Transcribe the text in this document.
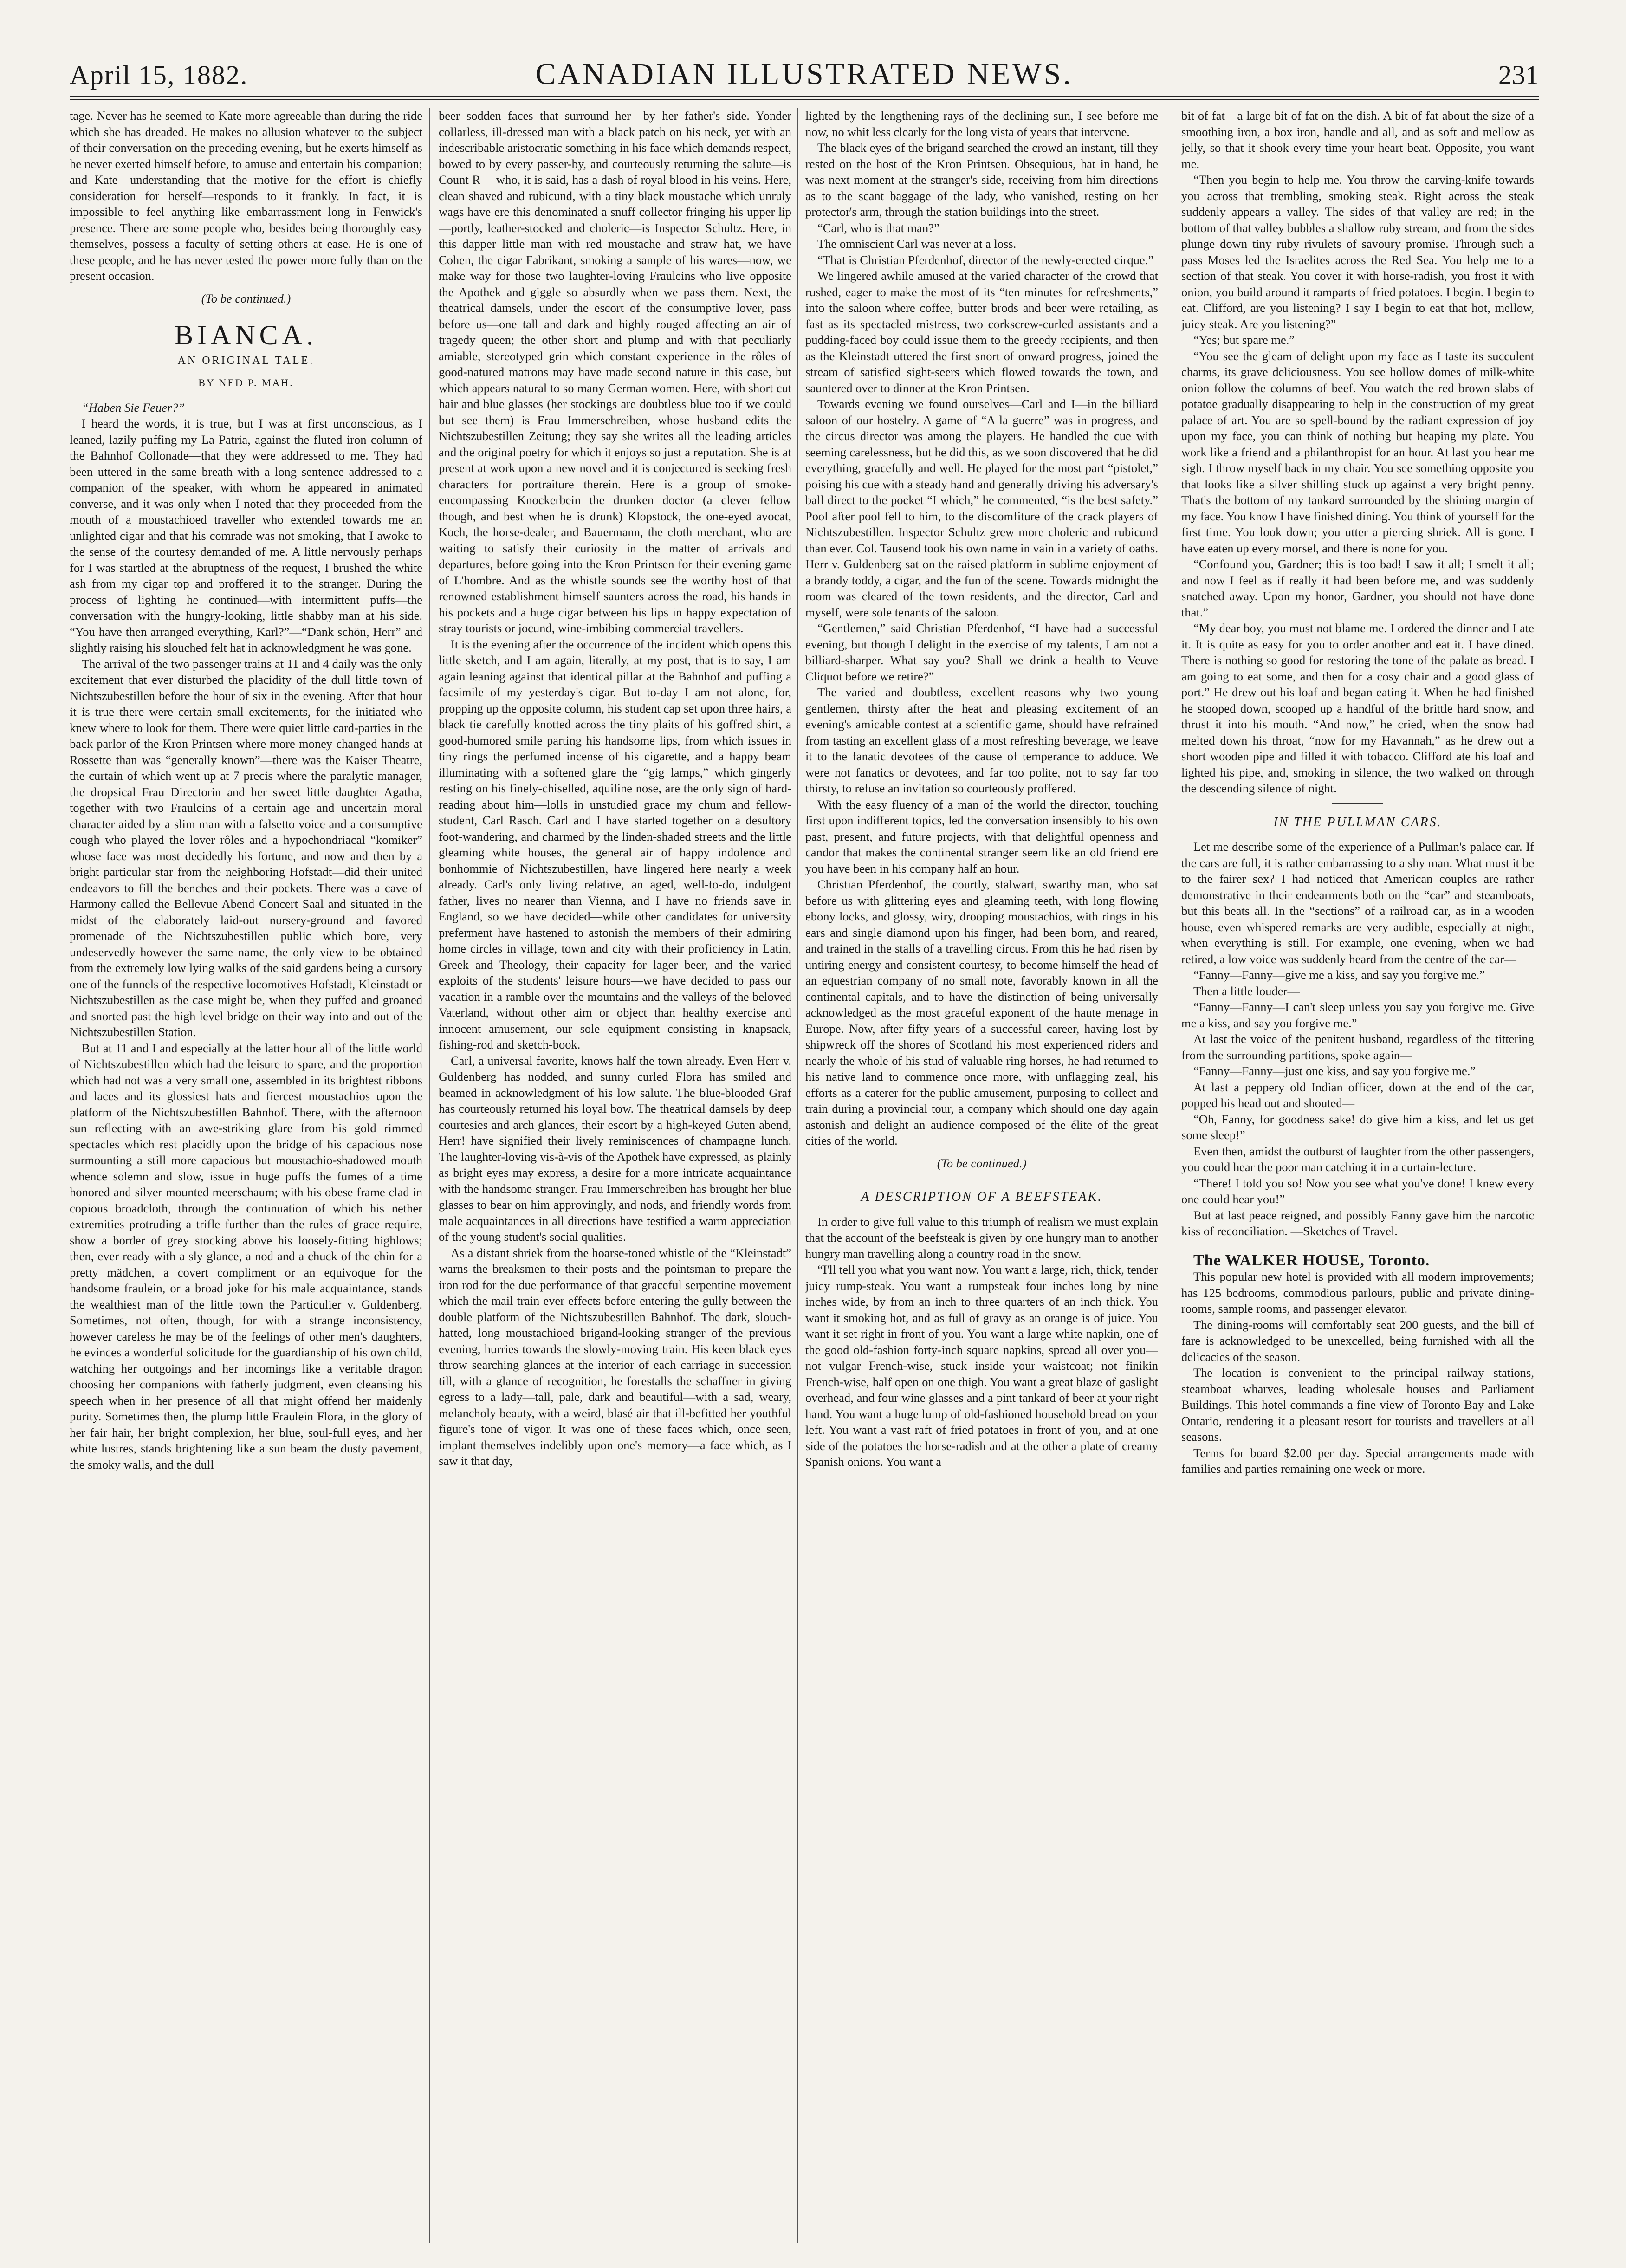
April 15, 1882.	CANADIAN ILLUSTRATED NEWS.	231

tage. Never has he seemed to Kate more agreeable than during the ride which she has dreaded. He makes no allusion whatever to the subject of their conversation on the preceding evening, but he exerts himself as he never exerted himself before, to amuse and entertain his companion; and Kate—understanding that the motive for the effort is chiefly consideration for herself—responds to it frankly. In fact, it is impossible to feel anything like embarrassment long in Fenwick's presence. There are some people who, besides being thoroughly easy themselves, possess a faculty of setting others at ease. He is one of these people, and he has never tested the power more fully than on the present occasion.

(To be continued.)
BIANCA.
AN ORIGINAL TALE.
BY NED P. MAH.

“Haben Sie Feuer?”

I heard the words, it is true, but I was at first unconscious, as I leaned, lazily puffing my La Patria, against the fluted iron column of the Bahnhof Collonade—that they were addressed to me. They had been uttered in the same breath with a long sentence addressed to a companion of the speaker, with whom he appeared in animated converse, and it was only when I noted that they proceeded from the mouth of a moustachioed traveller who extended towards me an unlighted cigar and that his comrade was not smoking, that I awoke to the sense of the courtesy demanded of me. A little nervously perhaps for I was startled at the abruptness of the request, I brushed the white ash from my cigar top and proffered it to the stranger. During the process of lighting he continued—with intermittent puffs—the conversation with the hungry-looking, little shabby man at his side. “You have then arranged everything, Karl?”—“Dank schön, Herr” and slightly raising his slouched felt hat in acknowledgment he was gone.

The arrival of the two passenger trains at 11 and 4 daily was the only excitement that ever disturbed the placidity of the dull little town of Nichtszubestillen before the hour of six in the evening. After that hour it is true there were certain small excitements, for the initiated who knew where to look for them. There were quiet little card-parties in the back parlor of the Kron Printsen where more money changed hands at Rossette than was “generally known”—there was the Kaiser Theatre, the curtain of which went up at 7 precis where the paralytic manager, the dropsical Frau Directorin and her sweet little daughter Agatha, together with two Frauleins of a certain age and uncertain moral character aided by a slim man with a falsetto voice and a consumptive cough who played the lover rôles and a hypochondriacal “komiker” whose face was most decidedly his fortune, and now and then by a bright particular star from the neighboring Hofstadt—did their united endeavors to fill the benches and their pockets. There was a cave of Harmony called the Bellevue Abend Concert Saal and situated in the midst of the elaborately laid-out nursery-ground and favored promenade of the Nichtszubestillen public which bore, very undeservedly however the same name, the only view to be obtained from the extremely low lying walks of the said gardens being a cursory one of the funnels of the respective locomotives Hofstadt, Kleinstadt or Nichtszubestillen as the case might be, when they puffed and groaned and snorted past the high level bridge on their way into and out of the Nichtszubestillen Station.

But at 11 and I and especially at the latter hour all of the little world of Nichtszubestillen which had the leisure to spare, and the proportion which had not was a very small one, assembled in its brightest ribbons and laces and its glossiest hats and fiercest moustachios upon the platform of the Nichtszubestillen Bahnhof. There, with the afternoon sun reflecting with an awe-striking glare from his gold rimmed spectacles which rest placidly upon the bridge of his capacious nose surmounting a still more capacious but moustachio-shadowed mouth whence solemn and slow, issue in huge puffs the fumes of a time honored and silver mounted meerschaum; with his obese frame clad in copious broadcloth, through the continuation of which his nether extremities protruding a trifle further than the rules of grace require, show a border of grey stocking above his loosely-fitting highlows; then, ever ready with a sly glance, a nod and a chuck of the chin for a pretty mädchen, a covert compliment or an equivoque for the handsome fraulein, or a broad joke for his male acquaintance, stands the wealthiest man of the little town the Particulier v. Guldenberg. Sometimes, not often, though, for with a strange inconsistency, however careless he may be of the feelings of other men's daughters, he evinces a wonderful solicitude for the guardianship of his own child, watching her outgoings and her incomings like a veritable dragon choosing her companions with fatherly judgment, even cleansing his speech when in her presence of all that might offend her maidenly purity. Sometimes then, the plump little Fraulein Flora, in the glory of her fair hair, her bright complexion, her blue, soul-full eyes, and her white lustres, stands brightening like a sun beam the dusty pavement, the smoky walls, and the dull

beer sodden faces that surround her—by her father's side. Yonder collarless, ill-dressed man with a black patch on his neck, yet with an indescribable aristocratic something in his face which demands respect, bowed to by every passer-by, and courteously returning the salute—is Count R— who, it is said, has a dash of royal blood in his veins. Here, clean shaved and rubicund, with a tiny black moustache which unruly wags have ere this denominated a snuff collector fringing his upper lip—portly, leather-stocked and choleric—is Inspector Schultz. Here, in this dapper little man with red moustache and straw hat, we have Cohen, the cigar Fabrikant, smoking a sample of his wares—now, we make way for those two laughter-loving Frauleins who live opposite the Apothek and giggle so absurdly when we pass them. Next, the theatrical damsels, under the escort of the consumptive lover, pass before us—one tall and dark and highly rouged affecting an air of tragedy queen; the other short and plump and with that peculiarly amiable, stereotyped grin which constant experience in the rôles of good-natured matrons may have made second nature in this case, but which appears natural to so many German women. Here, with short cut hair and blue glasses (her stockings are doubtless blue too if we could but see them) is Frau Immerschreiben, whose husband edits the Nichtszubestillen Zeitung; they say she writes all the leading articles and the original poetry for which it enjoys so just a reputation. She is at present at work upon a new novel and it is conjectured is seeking fresh characters for portraiture therein. Here is a group of smoke-encompassing Knockerbein the drunken doctor (a clever fellow though, and best when he is drunk) Klopstock, the one-eyed avocat, Koch, the horse-dealer, and Bauermann, the cloth merchant, who are waiting to satisfy their curiosity in the matter of arrivals and departures, before going into the Kron Printsen for their evening game of L'hombre. And as the whistle sounds see the worthy host of that renowned establishment himself saunters across the road, his hands in his pockets and a huge cigar between his lips in happy expectation of stray tourists or jocund, wine-imbibing commercial travellers.

It is the evening after the occurrence of the incident which opens this little sketch, and I am again, literally, at my post, that is to say, I am again leaning against that identical pillar at the Bahnhof and puffing a facsimile of my yesterday's cigar. But to-day I am not alone, for, propping up the opposite column, his student cap set upon three hairs, a black tie carefully knotted across the tiny plaits of his goffred shirt, a good-humored smile parting his handsome lips, from which issues in tiny rings the perfumed incense of his cigarette, and a happy beam illuminating with a softened glare the “gig lamps,” which gingerly resting on his finely-chiselled, aquiline nose, are the only sign of hard-reading about him—lolls in unstudied grace my chum and fellow-student, Carl Rasch. Carl and I have started together on a desultory foot-wandering, and charmed by the linden-shaded streets and the little gleaming white houses, the general air of happy indolence and bonhommie of Nichtszubestillen, have lingered here nearly a week already. Carl's only living relative, an aged, well-to-do, indulgent father, lives no nearer than Vienna, and I have no friends save in England, so we have decided—while other candidates for university preferment have hastened to astonish the members of their admiring home circles in village, town and city with their proficiency in Latin, Greek and Theology, their capacity for lager beer, and the varied exploits of the students' leisure hours—we have decided to pass our vacation in a ramble over the mountains and the valleys of the beloved Vaterland, without other aim or object than healthy exercise and innocent amusement, our sole equipment consisting in knapsack, fishing-rod and sketch-book.

Carl, a universal favorite, knows half the town already. Even Herr v. Guldenberg has nodded, and sunny curled Flora has smiled and beamed in acknowledgment of his low salute. The blue-blooded Graf has courteously returned his loyal bow. The theatrical damsels by deep courtesies and arch glances, their escort by a high-keyed Guten abend, Herr! have signified their lively reminiscences of champagne lunch. The laughter-loving vis-à-vis of the Apothek have expressed, as plainly as bright eyes may express, a desire for a more intricate acquaintance with the handsome stranger. Frau Immerschreiben has brought her blue glasses to bear on him approvingly, and nods, and friendly words from male acquaintances in all directions have testified a warm appreciation of the young student's social qualities.

As a distant shriek from the hoarse-toned whistle of the “Kleinstadt” warns the breaksmen to their posts and the pointsman to prepare the iron rod for the due performance of that graceful serpentine movement which the mail train ever effects before entering the gully between the double platform of the Nichtszubestillen Bahnhof. The dark, slouch-hatted, long moustachioed brigand-looking stranger of the previous evening, hurries towards the slowly-moving train. His keen black eyes throw searching glances at the interior of each carriage in succession till, with a glance of recognition, he forestalls the schaffner in giving egress to a lady—tall, pale, dark and beautiful—with a sad, weary, melancholy beauty, with a weird, blasé air that ill-befitted her youthful figure's tone of vigor. It was one of these faces which, once seen, implant themselves indelibly upon one's memory—a face which, as I saw it that day,

lighted by the lengthening rays of the declining sun, I see before me now, no whit less clearly for the long vista of years that intervene.

The black eyes of the brigand searched the crowd an instant, till they rested on the host of the Kron Printsen. Obsequious, hat in hand, he was next moment at the stranger's side, receiving from him directions as to the scant baggage of the lady, who vanished, resting on her protector's arm, through the station buildings into the street.

“Carl, who is that man?”

The omniscient Carl was never at a loss.

“That is Christian Pferdenhof, director of the newly-erected cirque.”

We lingered awhile amused at the varied character of the crowd that rushed, eager to make the most of its “ten minutes for refreshments,” into the saloon where coffee, butter brods and beer were retailing, as fast as its spectacled mistress, two corkscrew-curled assistants and a pudding-faced boy could issue them to the greedy recipients, and then as the Kleinstadt uttered the first snort of onward progress, joined the stream of satisfied sight-seers which flowed towards the town, and sauntered over to dinner at the Kron Printsen.

Towards evening we found ourselves—Carl and I—in the billiard saloon of our hostelry. A game of “A la guerre” was in progress, and the circus director was among the players. He handled the cue with seeming carelessness, but he did this, as we soon discovered that he did everything, gracefully and well. He played for the most part “pistolet,” poising his cue with a steady hand and generally driving his adversary's ball direct to the pocket “I which,” he commented, “is the best safety.” Pool after pool fell to him, to the discomfiture of the crack players of Nichtszubestillen. Inspector Schultz grew more choleric and rubicund than ever. Col. Tausend took his own name in vain in a variety of oaths. Herr v. Guldenberg sat on the raised platform in sublime enjoyment of a brandy toddy, a cigar, and the fun of the scene. Towards midnight the room was cleared of the town residents, and the director, Carl and myself, were sole tenants of the saloon.

“Gentlemen,” said Christian Pferdenhof, “I have had a successful evening, but though I delight in the exercise of my talents, I am not a billiard-sharper. What say you? Shall we drink a health to Veuve Cliquot before we retire?”

The varied and doubtless, excellent reasons why two young gentlemen, thirsty after the heat and pleasing excitement of an evening's amicable contest at a scientific game, should have refrained from tasting an excellent glass of a most refreshing beverage, we leave it to the fanatic devotees of the cause of temperance to adduce. We were not fanatics or devotees, and far too polite, not to say far too thirsty, to refuse an invitation so courteously proffered.

With the easy fluency of a man of the world the director, touching first upon indifferent topics, led the conversation insensibly to his own past, present, and future projects, with that delightful openness and candor that makes the continental stranger seem like an old friend ere you have been in his company half an hour.

Christian Pferdenhof, the courtly, stalwart, swarthy man, who sat before us with glittering eyes and gleaming teeth, with long flowing ebony locks, and glossy, wiry, drooping moustachios, with rings in his ears and single diamond upon his finger, had been born, and reared, and trained in the stalls of a travelling circus. From this he had risen by untiring energy and consistent courtesy, to become himself the head of an equestrian company of no small note, favorably known in all the continental capitals, and to have the distinction of being universally acknowledged as the most graceful exponent of the haute menage in Europe. Now, after fifty years of a successful career, having lost by shipwreck off the shores of Scotland his most experienced riders and nearly the whole of his stud of valuable ring horses, he had returned to his native land to commence once more, with unflagging zeal, his efforts as a caterer for the public amusement, purposing to collect and train during a provincial tour, a company which should one day again astonish and delight an audience composed of the élite of the great cities of the world.

(To be continued.)
A DESCRIPTION OF A BEEFSTEAK.

In order to give full value to this triumph of realism we must explain that the account of the beefsteak is given by one hungry man to another hungry man travelling along a country road in the snow.

“I'll tell you what you want now. You want a large, rich, thick, tender juicy rump-steak. You want a rumpsteak four inches long by nine inches wide, by from an inch to three quarters of an inch thick. You want it smoking hot, and as full of gravy as an orange is of juice. You want it set right in front of you. You want a large white napkin, one of the good old-fashion forty-inch square napkins, spread all over you—not vulgar French-wise, stuck inside your waistcoat; not finikin French-wise, half open on one thigh. You want a great blaze of gaslight overhead, and four wine glasses and a pint tankard of beer at your right hand. You want a huge lump of old-fashioned household bread on your left. You want a vast raft of fried potatoes in front of you, and at one side of the potatoes the horse-radish and at the other a plate of creamy Spanish onions. You want a

bit of fat—a large bit of fat on the dish. A bit of fat about the size of a smoothing iron, a box iron, handle and all, and as soft and mellow as jelly, so that it shook every time your heart beat. Opposite, you want me.

“Then you begin to help me. You throw the carving-knife towards you across that trembling, smoking steak. Right across the steak suddenly appears a valley. The sides of that valley are red; in the bottom of that valley bubbles a shallow ruby stream, and from the sides plunge down tiny ruby rivulets of savoury promise. Through such a pass Moses led the Israelites across the Red Sea. You help me to a section of that steak. You cover it with horse-radish, you frost it with onion, you build around it ramparts of fried potatoes. I begin. I begin to eat. Clifford, are you listening? I say I begin to eat that hot, mellow, juicy steak. Are you listening?”

“Yes; but spare me.”

“You see the gleam of delight upon my face as I taste its succulent charms, its grave deliciousness. You see hollow domes of milk-white onion follow the columns of beef. You watch the red brown slabs of potatoe gradually disappearing to help in the construction of my great palace of art. You are so spell-bound by the radiant expression of joy upon my face, you can think of nothing but heaping my plate. You work like a friend and a philanthropist for an hour. At last you hear me sigh. I throw myself back in my chair. You see something opposite you that looks like a silver shilling stuck up against a very bright penny. That's the bottom of my tankard surrounded by the shining margin of my face. You know I have finished dining. You think of yourself for the first time. You look down; you utter a piercing shriek. All is gone. I have eaten up every morsel, and there is none for you.

“Confound you, Gardner; this is too bad! I saw it all; I smelt it all; and now I feel as if really it had been before me, and was suddenly snatched away. Upon my honor, Gardner, you should not have done that.”

“My dear boy, you must not blame me. I ordered the dinner and I ate it. It is quite as easy for you to order another and eat it. I have dined. There is nothing so good for restoring the tone of the palate as bread. I am going to eat some, and then for a cosy chair and a good glass of port.” He drew out his loaf and began eating it. When he had finished he stooped down, scooped up a handful of the brittle hard snow, and thrust it into his mouth. “And now,” he cried, when the snow had melted down his throat, “now for my Havannah,” as he drew out a short wooden pipe and filled it with tobacco. Clifford ate his loaf and lighted his pipe, and, smoking in silence, the two walked on through the descending silence of night.

IN THE PULLMAN CARS.

Let me describe some of the experience of a Pullman's palace car. If the cars are full, it is rather embarrassing to a shy man. What must it be to the fairer sex? I had noticed that American couples are rather demonstrative in their endearments both on the “car” and steamboats, but this beats all. In the “sections” of a railroad car, as in a wooden house, even whispered remarks are very audible, especially at night, when everything is still. For example, one evening, when we had retired, a low voice was suddenly heard from the centre of the car—

“Fanny—Fanny—give me a kiss, and say you forgive me.”

Then a little louder—

“Fanny—Fanny—I can't sleep unless you say you forgive me. Give me a kiss, and say you forgive me.”

At last the voice of the penitent husband, regardless of the tittering from the surrounding partitions, spoke again—

“Fanny—Fanny—just one kiss, and say you forgive me.”

At last a peppery old Indian officer, down at the end of the car, popped his head out and shouted—

“Oh, Fanny, for goodness sake! do give him a kiss, and let us get some sleep!”

Even then, amidst the outburst of laughter from the other passengers, you could hear the poor man catching it in a curtain-lecture.

“There! I told you so! Now you see what you've done! I knew every one could hear you!”

But at last peace reigned, and possibly Fanny gave him the narcotic kiss of reconciliation. —Sketches of Travel.

The WALKER HOUSE, Toronto.

This popular new hotel is provided with all modern improvements; has 125 bedrooms, commodious parlours, public and private dining-rooms, sample rooms, and passenger elevator.

The dining-rooms will comfortably seat 200 guests, and the bill of fare is acknowledged to be unexcelled, being furnished with all the delicacies of the season.

The location is convenient to the principal railway stations, steamboat wharves, leading wholesale houses and Parliament Buildings. This hotel commands a fine view of Toronto Bay and Lake Ontario, rendering it a pleasant resort for tourists and travellers at all seasons.

Terms for board $2.00 per day. Special arrangements made with families and parties remaining one week or more.
